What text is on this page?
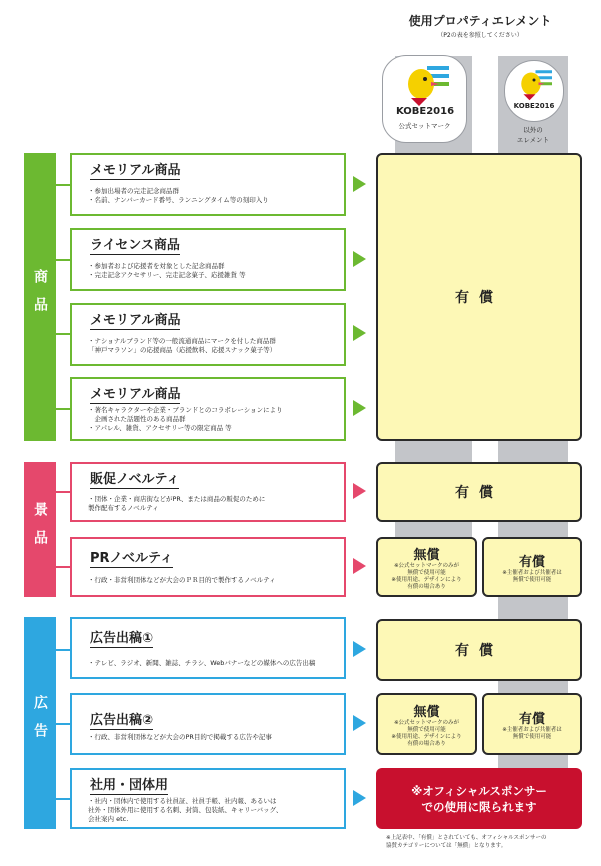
使用プロパティエレメント
（P2の表を参照してください）
KOBE2016
公式セットマーク
KOBE2016
以外の
エレメント
商品
景品
広告
メモリアル商品
・参加出場者の完走記念商品群
・名前、ナンバーカード番号、ランニングタイム等の刻印入り
ライセンス商品
・参加者および応援者を対象とした記念商品群
・完走記念アクセサリー、完走記念菓子、応援雑貨 等
メモリアル商品
・ナショナルブランド等の一般流通商品にマークを付した商品群
「神戸マラソン」の応援商品（応援飲料、応援スナック菓子等）
メモリアル商品
・著名キャラクターや企業・ブランドとのコラボレーションにより
　企画された話題性のある商品群
・アパレル、雑貨、アクセサリー等の限定商品 等
販促ノベルティ
・団体・企業・商店街などがPR、または商品の販促のために
製作配布するノベルティ
PRノベルティ
・行政・非営利団体などが大会のＰＲ目的で製作するノベルティ
広告出稿①
・テレビ、ラジオ、新聞、雑誌、チラシ、Webバナーなどの媒体への広告出稿
広告出稿②
・行政、非営利団体などが大会のPR目的で掲載する広告や記事
社用・団体用
・社内・団体内で使用する社員証、社員手帳、社内報、あるいは
社外・団体外用に使用する名刺、封筒、包装紙、キャリーバッグ、
会社案内 etc.
有償
有償
無償
※公式セットマークのみが
無償で使用可能
※使用用途、デザインにより
有償の場合あり
有償
※主催者および共催者は
無償で使用可能
有償
無償
※公式セットマークのみが
無償で使用可能
※使用用途、デザインにより
有償の場合あり
有償
※主催者および共催者は
無償で使用可能
※オフィシャルスポンサー
での使用に限られます
※上記表中、「有償」とされていても、オフィシャルスポンサーの
協賛カテゴリーについては「無償」となります。
